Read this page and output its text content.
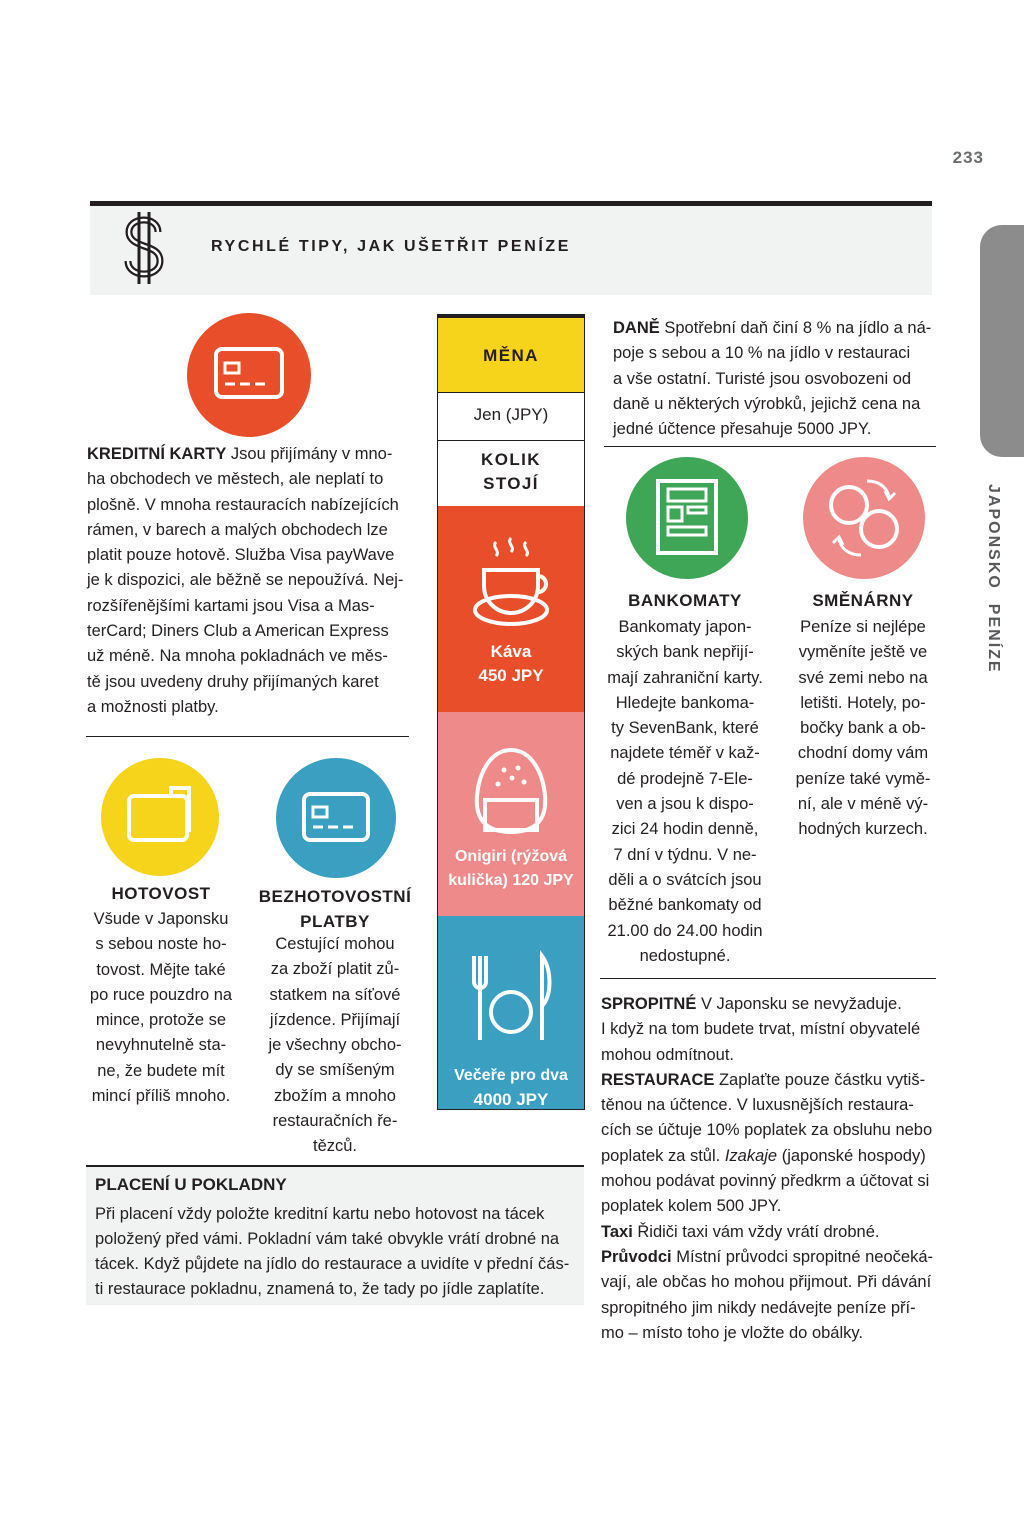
233
JAPONSKOPENÍZE
RYCHLÉ TIPY, JAK UŠETŘIT PENÍZE
KREDITNÍ KARTY Jsou přijímány v mno-
ha obchodech ve městech, ale neplatí to
plošně. V mnoha restauracích nabízejících
rámen, v barech a malých obchodech lze
platit pouze hotově. Služba Visa payWave
je k dispozici, ale běžně se nepoužívá. Nej-
rozšířenějšími kartami jsou Visa a Mas-
terCard; Diners Club a American Express
už méně. Na mnoha pokladnách ve měs-
tě jsou uvedeny druhy přijímaných karet
a možnosti platby.
HOTOVOST
Všude v Japonsku
s sebou noste ho-
tovost. Mějte také
po ruce pouzdro na
mince, protože se
nevyhnutelně sta-
ne, že budete mít
mincí příliš mnoho.
BEZHOTOVOSTNÍ
PLATBY
Cestující mohou
za zboží platit zů-
statkem na síťové
jízdence. Přijímají
je všechny obcho-
dy se smíšeným
zbožím a mnoho
restauračních ře-
tězců.
MĚNA
Jen (JPY)
KOLIK
STOJÍ
Káva
450 JPY
Onigiri (rýžová
kulička) 120 JPY
Večeře pro dva
4000 JPY
PLACENÍ U POKLADNY
Při placení vždy položte kreditní kartu nebo hotovost na tácek
položený před vámi. Pokladní vám také obvykle vrátí drobné na
tácek. Když půjdete na jídlo do restaurace a uvidíte v přední čás-
ti restaurace pokladnu, znamená to, že tady po jídle zaplatíte.
DANĚ Spotřební daň činí 8 % na jídlo a ná-
poje s sebou a 10 % na jídlo v restauraci
a vše ostatní. Turisté jsou osvobozeni od
daně u některých výrobků, jejichž cena na
jedné účtence přesahuje 5000 JPY.
BANKOMATY
Bankomaty japon-
ských bank nepřijí-
mají zahraniční karty.
Hledejte bankoma-
ty SevenBank, které
najdete téměř v kaž-
dé prodejně 7-Ele-
ven a jsou k dispo-
zici 24 hodin denně,
7 dní v týdnu. V ne-
děli a o svátcích jsou
běžné bankomaty od
21.00 do 24.00 hodin
nedostupné.
SMĚNÁRNY
Peníze si nejlépe
vyměníte ještě ve
své zemi nebo na
letišti. Hotely, po-
bočky bank a ob-
chodní domy vám
peníze také vymě-
ní, ale v méně vý-
hodných kurzech.
SPROPITNÉ V Japonsku se nevyžaduje.
I když na tom budete trvat, místní obyvatelé
mohou odmítnout.
RESTAURACE Zaplaťte pouze částku vytiš-
těnou na účtence. V luxusnějších restaura-
cích se účtuje 10% poplatek za obsluhu nebo
poplatek za stůl. Izakaje (japonské hospody)
mohou podávat povinný předkrm a účtovat si
poplatek kolem 500 JPY.
Taxi Řidiči taxi vám vždy vrátí drobné.
Průvodci Místní průvodci spropitné neočeká-
vají, ale občas ho mohou přijmout. Při dávání
spropitného jim nikdy nedávejte peníze pří-
mo – místo toho je vložte do obálky.
